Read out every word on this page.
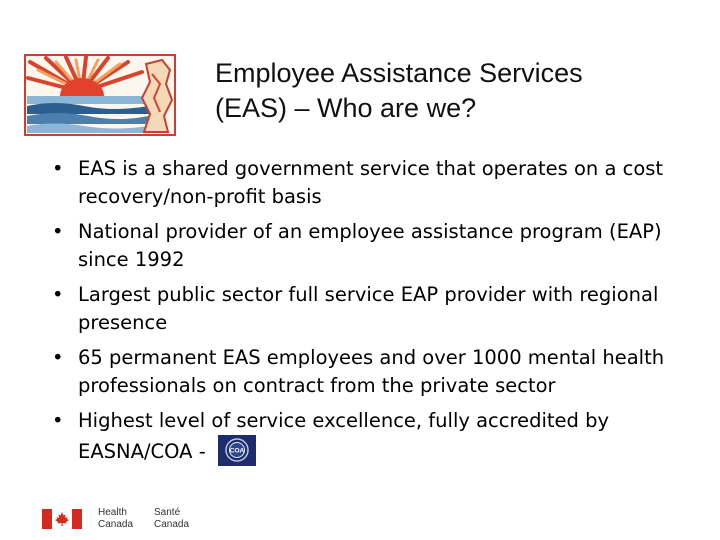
Employee Assistance Services
(EAS) – Who are we?
• EAS is a shared government service that operates on a cost recovery/non-profit basis
• National provider of an employee assistance program (EAP) since 1992
• Largest public sector full service EAP provider with regional presence
• 65 permanent EAS employees and over 1000 mental health professionals on contract from the private sector
• Highest level of service excellence, fully accredited by
EASNA/COA -	COA
Health
Canada
Santé
Canada
